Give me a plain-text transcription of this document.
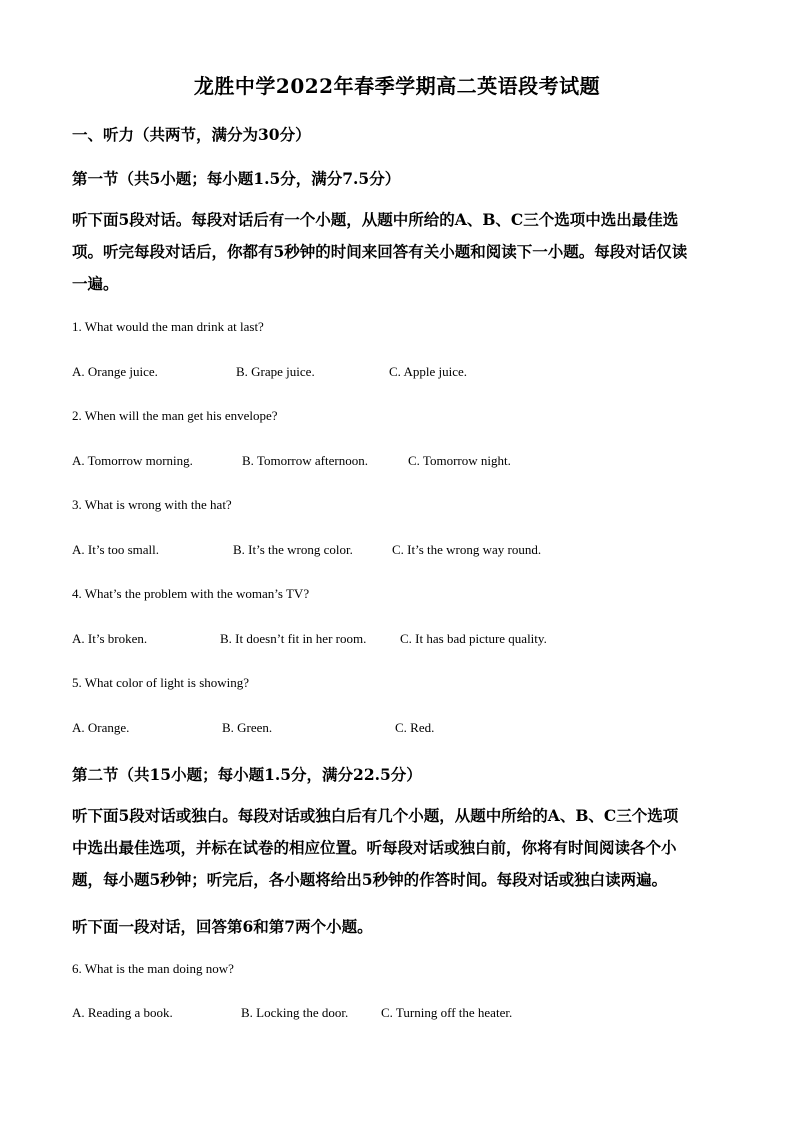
龙胜中学2022年春季学期高二英语段考试题
一、听力（共两节，满分为30分）
第一节（共5小题；每小题1.5分，满分7.5分）
听下面5段对话。每段对话后有一个小题，从题中所给的A、B、C三个选项中选出最佳选
项。听完每段对话后，你都有5秒钟的时间来回答有关小题和阅读下一小题。每段对话仅读
一遍。
1. What would the man drink at last?
A. Orange juice.	B. Grape juice.	C. Apple juice.
2. When will the man get his envelope?
A. Tomorrow morning.	B. Tomorrow afternoon.	C. Tomorrow night.
3. What is wrong with the hat?
A. It’s too small.	B. It’s the wrong color.	C. It’s the wrong way round.
4. What’s the problem with the woman’s TV?
A. It’s broken.	B. It doesn’t fit in her room.	C. It has bad picture quality.
5. What color of light is showing?
A. Orange.	B. Green.	C. Red.
第二节（共15小题；每小题1.5分，满分22.5分）
听下面5段对话或独白。每段对话或独白后有几个小题，从题中所给的A、B、C三个选项
中选出最佳选项，并标在试卷的相应位置。听每段对话或独白前，你将有时间阅读各个小
题，每小题5秒钟；听完后，各小题将给出5秒钟的作答时间。每段对话或独白读两遍。
听下面一段对话，回答第6和第7两个小题。
6. What is the man doing now?
A. Reading a book.	B. Locking the door.	C. Turning off the heater.
